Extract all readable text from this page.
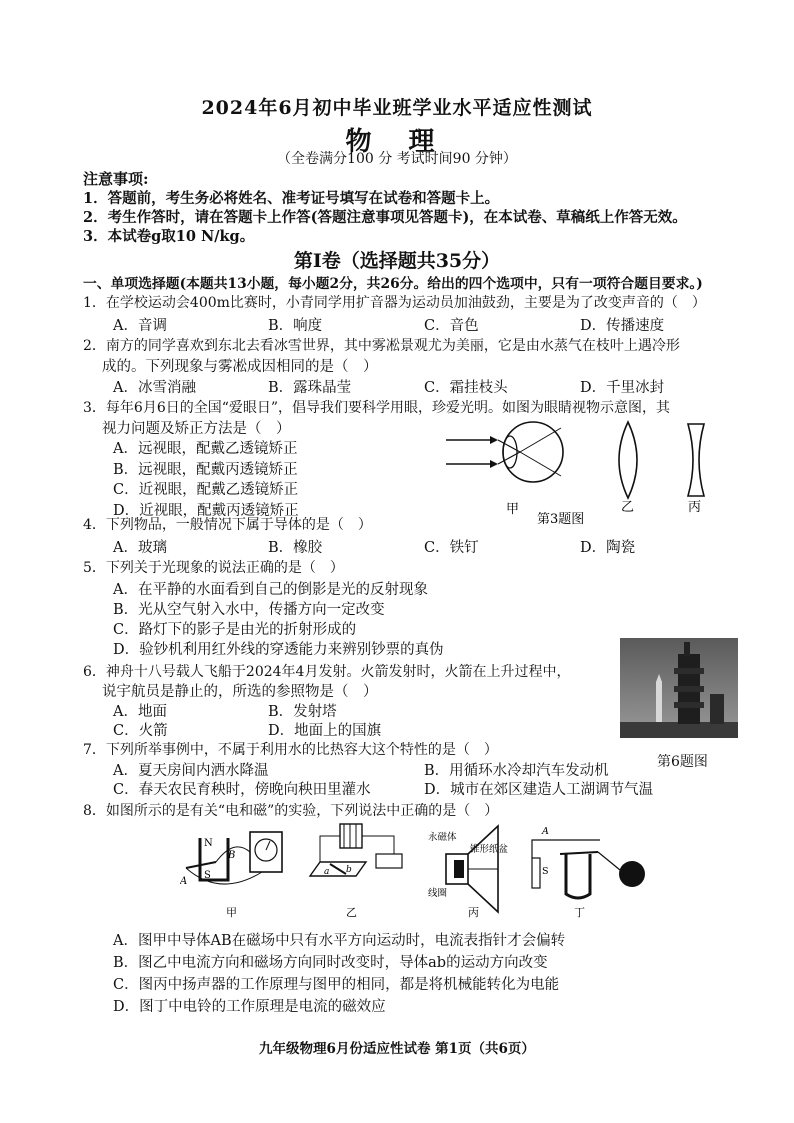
2024年6月初中毕业班学业水平适应性测试
物 理
（全卷满分100 分 考试时间90 分钟）
注意事项:
1．答题前，考生务必将姓名、准考证号填写在试卷和答题卡上。
2．考生作答时，请在答题卡上作答(答题注意事项见答题卡)，在本试卷、草稿纸上作答无效。
3．本试卷g取10 N/kg。
第I卷（选择题共35分）
一、单项选择题(本题共13小题，每小题2分，共26分。给出的四个选项中，只有一项符合题目要求。)
1．在学校运动会400m比赛时，小青同学用扩音器为运动员加油鼓劲，主要是为了改变声音的（　）
A．音调	B．响度	C．音色	D．传播速度
2．南方的同学喜欢到东北去看冰雪世界，其中雾凇景观尤为美丽，它是由水蒸气在枝叶上遇冷形
成的。下列现象与雾凇成因相同的是（　）
A．冰雪消融	B．露珠晶莹	C．霜挂枝头	D．千里冰封
3．每年6月6日的全国“爱眼日”，倡导我们要科学用眼，珍爱光明。如图为眼睛视物示意图，其
视力问题及矫正方法是（　）
A．远视眼，配戴乙透镜矫正
B．远视眼，配戴丙透镜矫正
C．近视眼，配戴乙透镜矫正
D．近视眼，配戴丙透镜矫正	甲
第3题图
乙	丙
4．下列物品，一般情况下属于导体的是（　）
A．玻璃	B．橡胶	C．铁钉	D．陶瓷
5．下列关于光现象的说法正确的是（　）
A．在平静的水面看到自己的倒影是光的反射现象
B．光从空气射入水中，传播方向一定改变
C．路灯下的影子是由光的折射形成的
D．验钞机利用红外线的穿透能力来辨别钞票的真伪
6．神舟十八号载人飞船于2024年4月发射。火箭发射时，火箭在上升过程中，
说宇航员是静止的，所选的参照物是（　）
A．地面	B．发射塔
C．火箭	D．地面上的国旗
第6题图
7．下列所举事例中，不属于利用水的比热容大这个特性的是（　）
A．夏天房间内洒水降温	B．用循环水冷却汽车发动机
C．春天农民育秧时，傍晚向秧田里灌水	D．城市在郊区建造人工湖调节气温
8．如图所示的是有关“电和磁”的实验，下列说法中正确的是（　）
N
S
A
B
甲
a b
乙
永磁体
锥形纸盆
线圈
丙
A
S
丁
A．图甲中导体AB在磁场中只有水平方向运动时，电流表指针才会偏转
B．图乙中电流方向和磁场方向同时改变时，导体ab的运动方向改变
C．图丙中扬声器的工作原理与图甲的相同，都是将机械能转化为电能
D．图丁中电铃的工作原理是电流的磁效应
九年级物理6月份适应性试卷 第1页（共6页）
